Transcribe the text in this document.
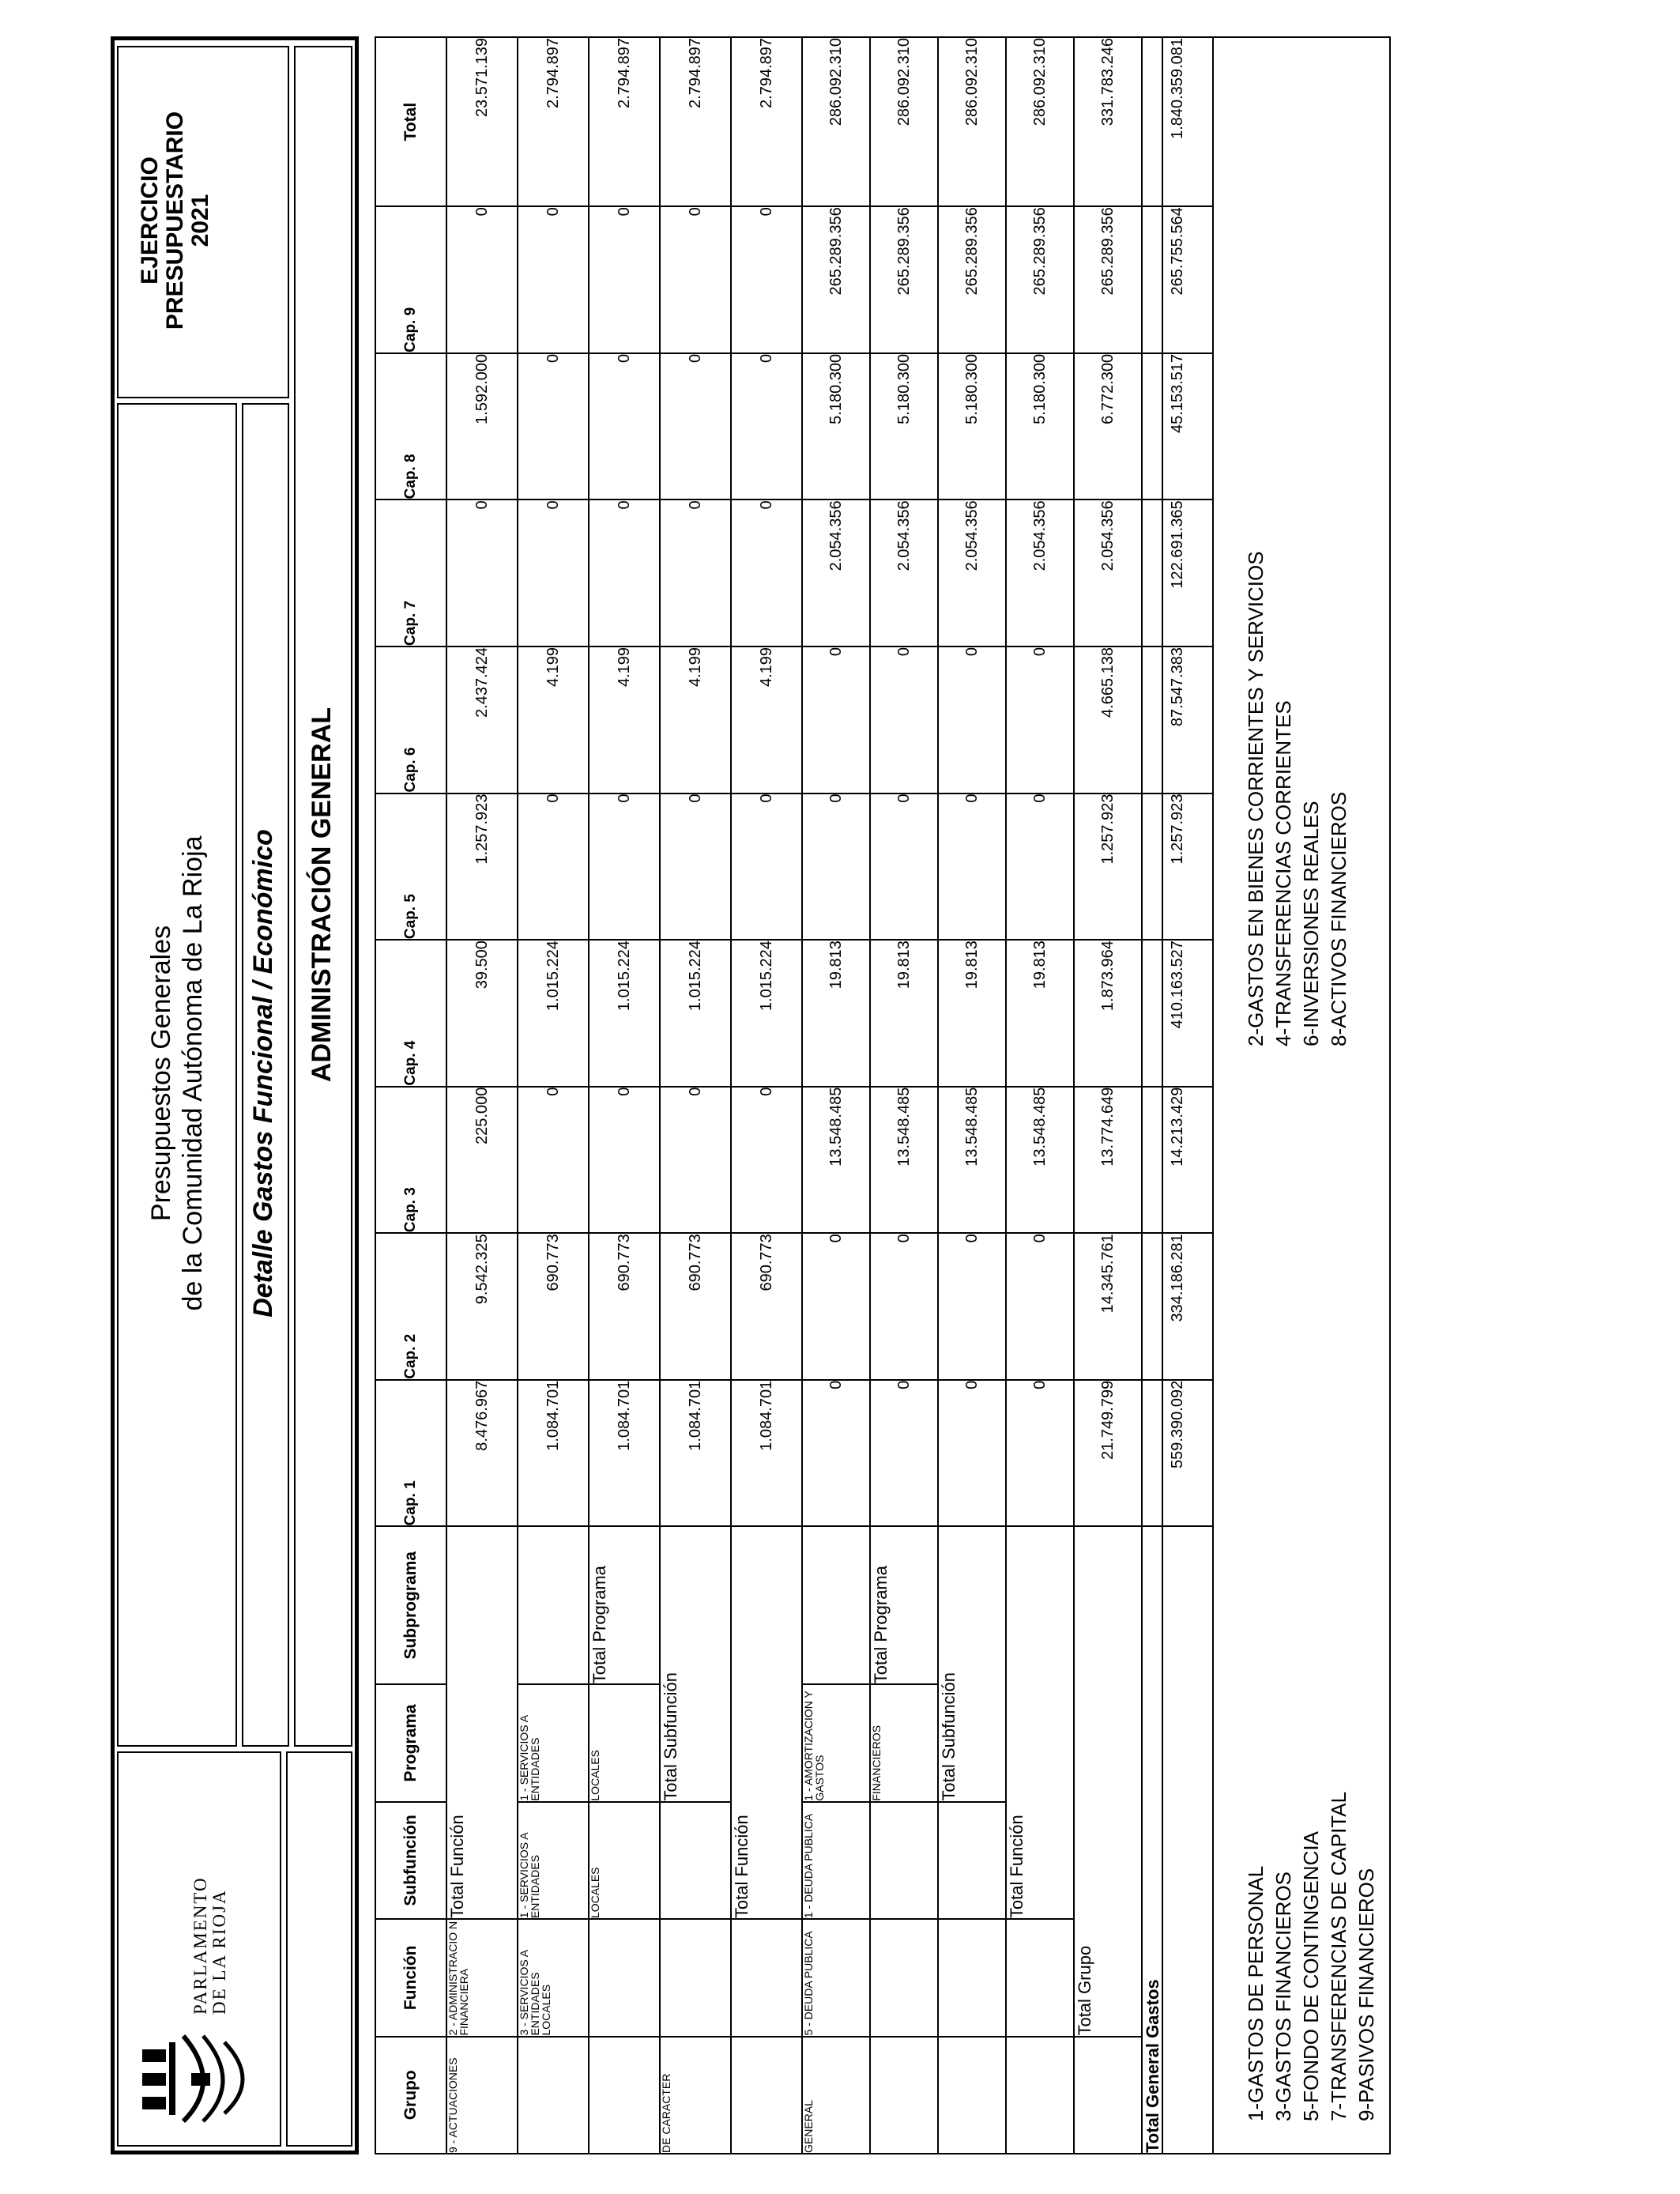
PARLAMENTO DE LA RIOJA
Presupuestos Generales de la Comunidad Autónoma de La Rioja Detalle Gastos Funcional / Económico ADMINISTRACIÓN GENERAL
EJERCICIO PRESUPUESTARIO 2021
Grupo	Función	Subfunción	Programa	Subprograma	Cap. 1	Cap. 2	Cap. 3	Cap. 4	Cap. 5	Cap. 6	Cap. 7	Cap. 8	Cap. 9	Total
9 - ACTUACIONES	2 - ADMINISTRACIO N FINANCIERA	Total Función			8.476.967	9.542.325	225.000	39.500	1.257.923	2.437.424	0	1.592.000	0	23.571.139
	3 - SERVICIOS A ENTIDADES LOCALES	1 - SERVICIOS A ENTIDADES	1 - SERVICIOS A ENTIDADES		1.084.701	690.773	0	1.015.224	0	4.199	0	0	0	2.794.897
		LOCALES	LOCALES	Total Programa	1.084.701	690.773	0	1.015.224	0	4.199	0	0	0	2.794.897
DE CARACTER			Total Subfunción		1.084.701	690.773	0	1.015.224	0	4.199	0	0	0	2.794.897
		Total Función			1.084.701	690.773	0	1.015.224	0	4.199	0	0	0	2.794.897
GENERAL	5 - DEUDA PUBLICA	1 - DEUDA PUBLICA	1 - AMORTIZACION Y GASTOS		0	0	13.548.485	19.813	0	0	2.054.356	5.180.300	265.289.356	286.092.310
			FINANCIEROS	Total Programa	0	0	13.548.485	19.813	0	0	2.054.356	5.180.300	265.289.356	286.092.310
			Total Subfunción		0	0	13.548.485	19.813	0	0	2.054.356	5.180.300	265.289.356	286.092.310
		Total Función			0	0	13.548.485	19.813	0	0	2.054.356	5.180.300	265.289.356	286.092.310
	Total Grupo				21.749.799	14.345.761	13.774.649	1.873.964	1.257.923	4.665.138	2.054.356	6.772.300	265.289.356	331.783.246
Total General Gastos					559.390.092	334.186.281	14.213.429	410.163.527	1.257.923	87.547.383	122.691.365	45.153.517	265.755.564	1.840.359.081
1-GASTOS DE PERSONAL 3-GASTOS FINANCIEROS 5-FONDO DE CONTINGENCIA 7-TRANSFERENCIAS DE CAPITAL 9-PASIVOS FINANCIEROS
2-GASTOS EN BIENES CORRIENTES Y SERVICIOS 4-TRANSFERENCIAS CORRIENTES 6-INVERSIONES REALES 8-ACTIVOS FINANCIEROS
